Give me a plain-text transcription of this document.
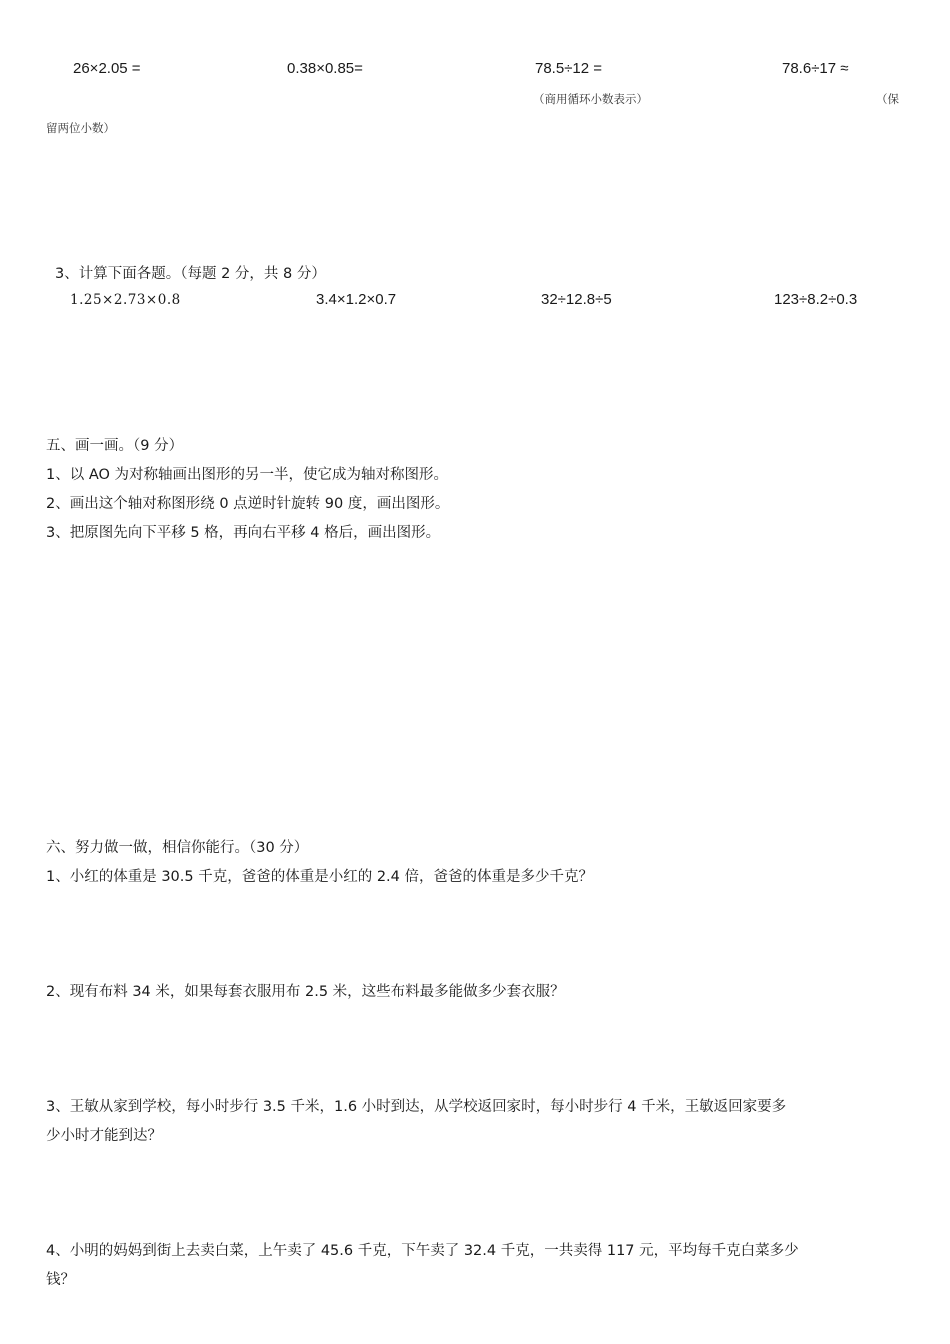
26×2.05 =	0.38×0.85=	78.5÷12 =	78.6÷17 ≈
（商用循环小数表示）	（保
留两位小数）
3、计算下面各题。（每题 2 分，共 8 分）
1.25×2.73×0.8	3.4×1.2×0.7	32÷12.8÷5	123÷8.2÷0.3
五、画一画。（9 分）
1、以 AO 为对称轴画出图形的另一半，使它成为轴对称图形。
2、画出这个轴对称图形绕 0 点逆时针旋转 90 度，画出图形。
3、把原图先向下平移 5 格，再向右平移 4 格后，画出图形。
六、努力做一做，相信你能行。（30 分）
1、小红的体重是 30.5 千克，爸爸的体重是小红的 2.4 倍，爸爸的体重是多少千克？
2、现有布料 34 米，如果每套衣服用布 2.5 米，这些布料最多能做多少套衣服？
3、王敏从家到学校，每小时步行 3.5 千米，1.6 小时到达，从学校返回家时，每小时步行 4 千米，王敏返回家要多
少小时才能到达？
4、小明的妈妈到街上去卖白菜，上午卖了 45.6 千克，下午卖了 32.4 千克，一共卖得 117 元，平均每千克白菜多少
钱？
